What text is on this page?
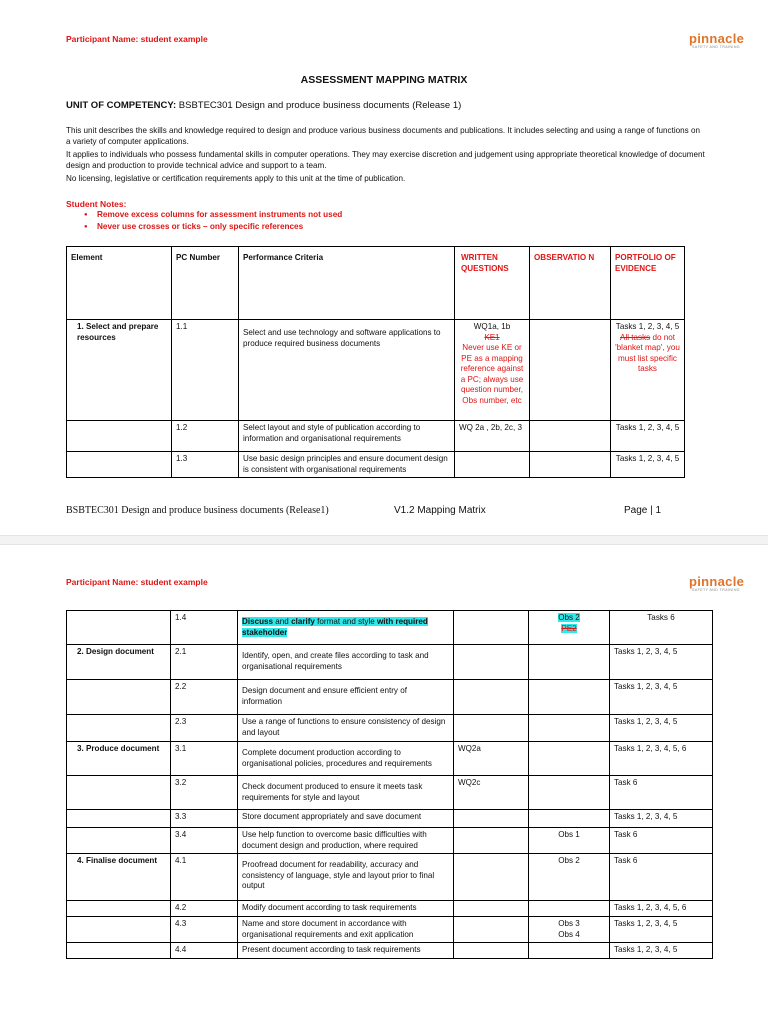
Participant Name: student example	pinnacle
SAFETY AND TRAINING
ASSESSMENT MAPPING MATRIX
UNIT OF COMPETENCY: BSBTEC301 Design and produce business documents (Release 1)

This unit describes the skills and knowledge required to design and produce various business documents and publications. It includes selecting and using a range of functions on a variety of computer applications.

It applies to individuals who possess fundamental skills in computer operations. They may exercise discretion and judgement using appropriate theoretical knowledge of document design and production to provide technical advice and support to a team.

No licensing, legislative or certification requirements apply to this unit at the time of publication.

Student Notes:
● Remove excess columns for assessment instruments not used
● Never use crosses or ticks – only specific references
Element	PC Number	Performance Criteria	WRITTEN QUESTIONS	OBSERVATIO N	PORTFOLIO OF EVIDENCE
1. Select and prepare resources	1.1	Select and use technology and software applications to produce required business documents	WQ1a, 1b
KE1
Never use KE or PE as a mapping reference against a PC; always use question number, Obs number, etc		Tasks 1, 2, 3, 4, 5 All tasks do not 'blanket map', you must list specific tasks
	1.2	Select layout and style of publication according to information and organisational requirements	WQ 2a , 2b, 2c, 3		Tasks 1, 2, 3, 4, 5
	1.3	Use basic design principles and ensure document design is consistent with organisational requirements			Tasks 1, 2, 3, 4, 5
BSBTEC301 Design and produce business documents (Release1)	V1.2 Mapping Matrix	Page | 1
Participant Name: student example	pinnacle
SAFETY AND TRAINING
	1.4	Discuss and clarify format and style with required stakeholder		Obs 2
PE2	Tasks 6
2. Design document	2.1	Identify, open, and create files according to task and organisational requirements			Tasks 1, 2, 3, 4, 5
	2.2	Design document and ensure efficient entry of information			Tasks 1, 2, 3, 4, 5
	2.3	Use a range of functions to ensure consistency of design and layout			Tasks 1, 2, 3, 4, 5
3. Produce document	3.1	Complete document production according to organisational policies, procedures and requirements	WQ2a		Tasks 1, 2, 3, 4, 5, 6
	3.2	Check document produced to ensure it meets task requirements for style and layout	WQ2c		Task 6
	3.3	Store document appropriately and save document			Tasks 1, 2, 3, 4, 5
	3.4	Use help function to overcome basic difficulties with document design and production, where required		Obs 1	Task 6
4. Finalise document	4.1	Proofread document for readability, accuracy and consistency of language, style and layout prior to final output		Obs 2	Task 6
	4.2	Modify document according to task requirements			Tasks 1, 2, 3, 4, 5, 6
	4.3	Name and store document in accordance with organisational requirements and exit application		Obs 3
Obs 4	Tasks 1, 2, 3, 4, 5
	4.4	Present document according to task requirements			Tasks 1, 2, 3, 4, 5
